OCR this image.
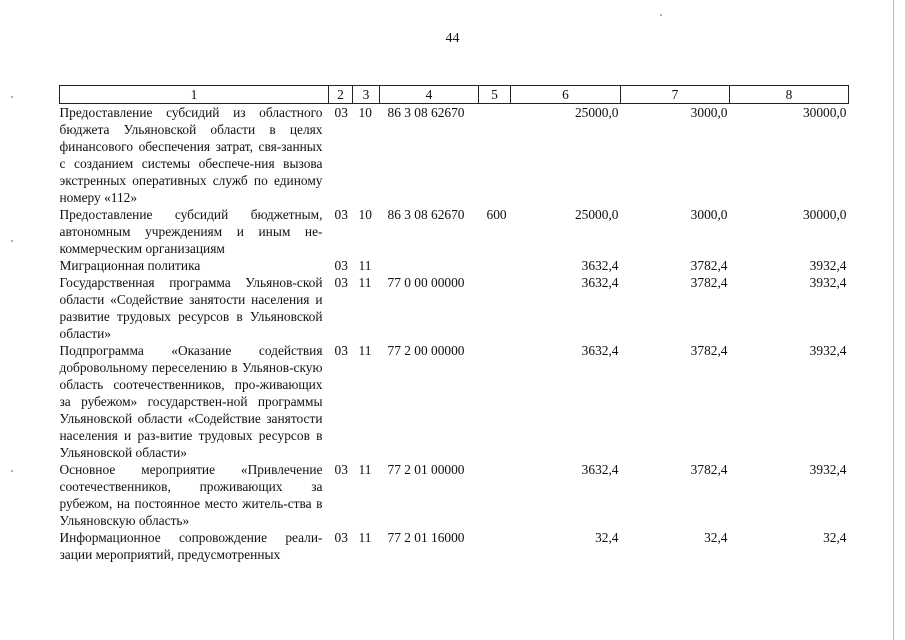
44
1	2	3	4	5	6	7	8
Предоставление субсидий из областного бюджета Ульяновской области в целях финансового обеспечения затрат, свя-занных с созданием системы обеспече-ния вызова экстренных оперативных служб по единому номеру «112»	03	10	86 3 08 62670		25000,0	3000,0	30000,0
Предоставление субсидий бюджетным, автономным учреждениям и иным не-коммерческим организациям	03	10	86 3 08 62670	600	25000,0	3000,0	30000,0
Миграционная политика	03	11			3632,4	3782,4	3932,4
Государственная программа Ульянов-ской области «Содействие занятости населения и развитие трудовых ресурсов в Ульяновской области»	03	11	77 0 00 00000		3632,4	3782,4	3932,4
Подпрограмма «Оказание содействия добровольному переселению в Ульянов-скую область соотечественников, про-живающих за рубежом» государствен-ной программы Ульяновской области «Содействие занятости населения и раз-витие трудовых ресурсов в Ульяновской области»	03	11	77 2 00 00000		3632,4	3782,4	3932,4
Основное мероприятие «Привлечение соотечественников, проживающих за рубежом, на постоянное место житель-ства в Ульяновскую область»	03	11	77 2 01 00000		3632,4	3782,4	3932,4
Информационное сопровождение реали-зации мероприятий, предусмотренных	03	11	77 2 01 16000		32,4	32,4	32,4
